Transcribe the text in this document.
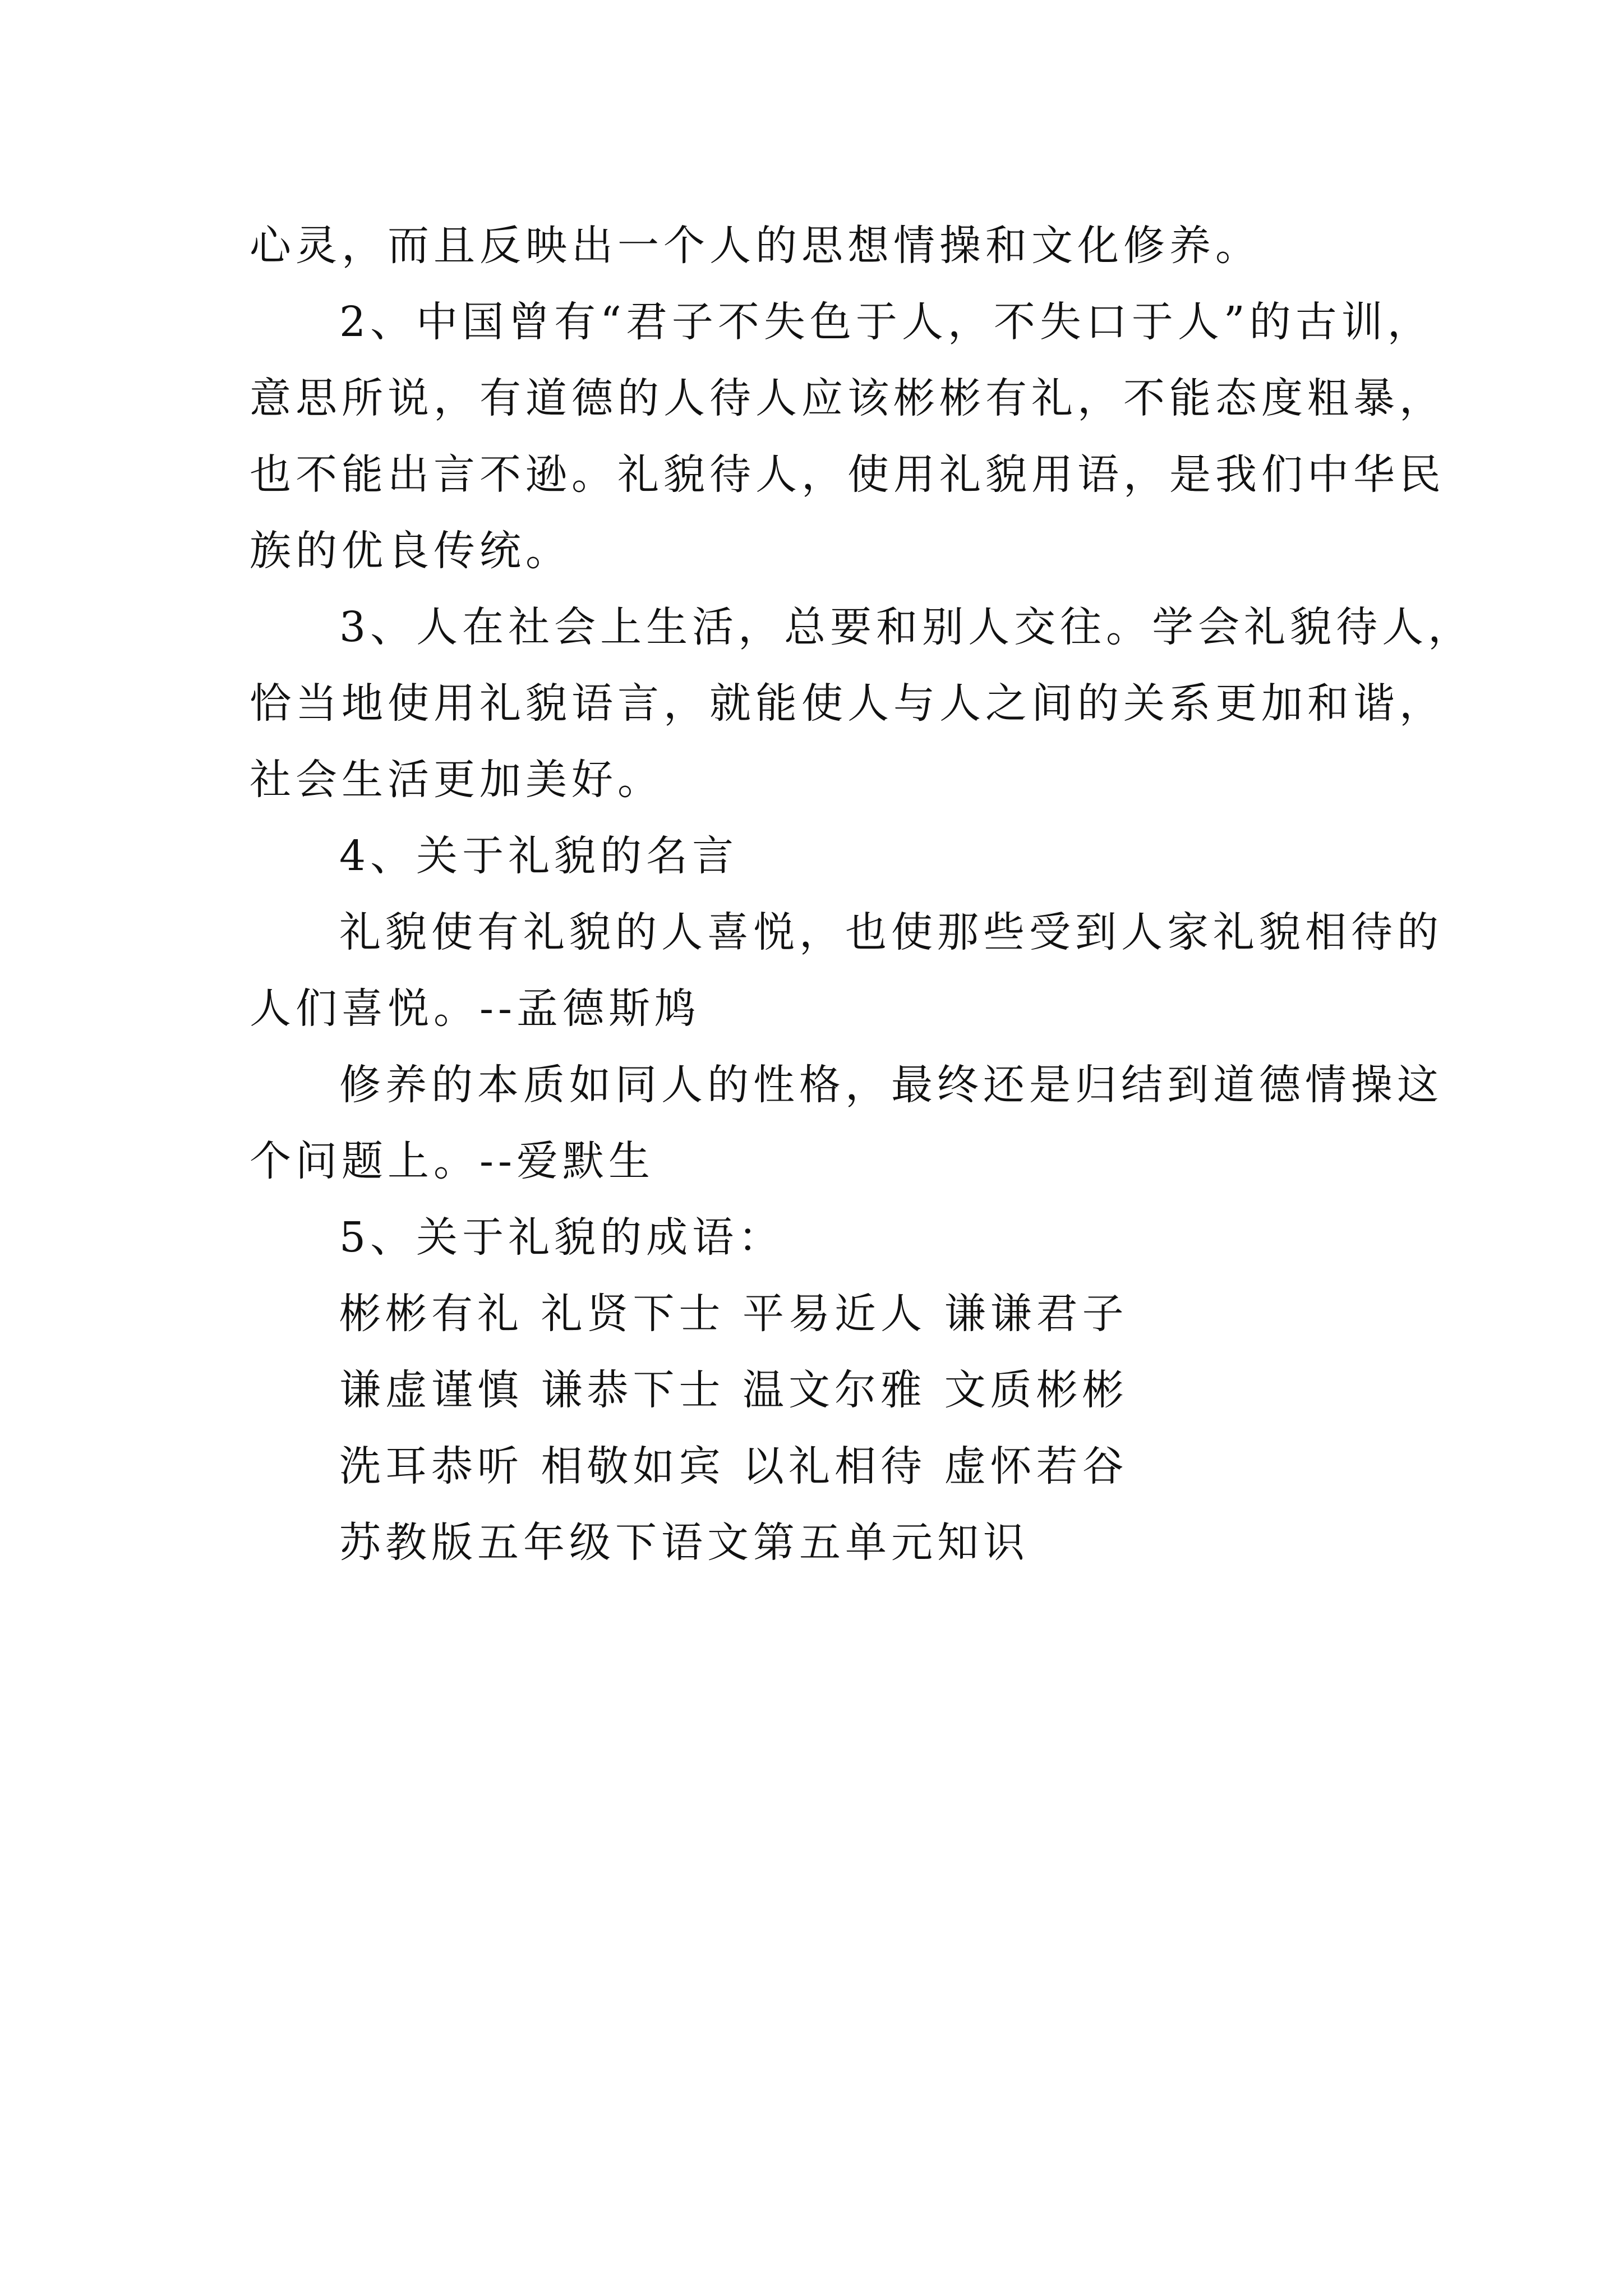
心灵，而且反映出一个人的思想情操和文化修养。
2、中国曾有“君子不失色于人，不失口于人”的古训，
意思所说，有道德的人待人应该彬彬有礼，不能态度粗暴，
也不能出言不逊。礼貌待人，使用礼貌用语，是我们中华民
族的优良传统。
3、人在社会上生活，总要和别人交往。学会礼貌待人，
恰当地使用礼貌语言，就能使人与人之间的关系更加和谐，
社会生活更加美好。
4、关于礼貌的名言
礼貌使有礼貌的人喜悦，也使那些受到人家礼貌相待的
人们喜悦。--孟德斯鸠
修养的本质如同人的性格，最终还是归结到道德情操这
个问题上。--爱默生
5、关于礼貌的成语：
彬彬有礼 礼贤下士 平易近人 谦谦君子
谦虚谨慎 谦恭下士 温文尔雅 文质彬彬
洗耳恭听 相敬如宾 以礼相待 虚怀若谷
苏教版五年级下语文第五单元知识
